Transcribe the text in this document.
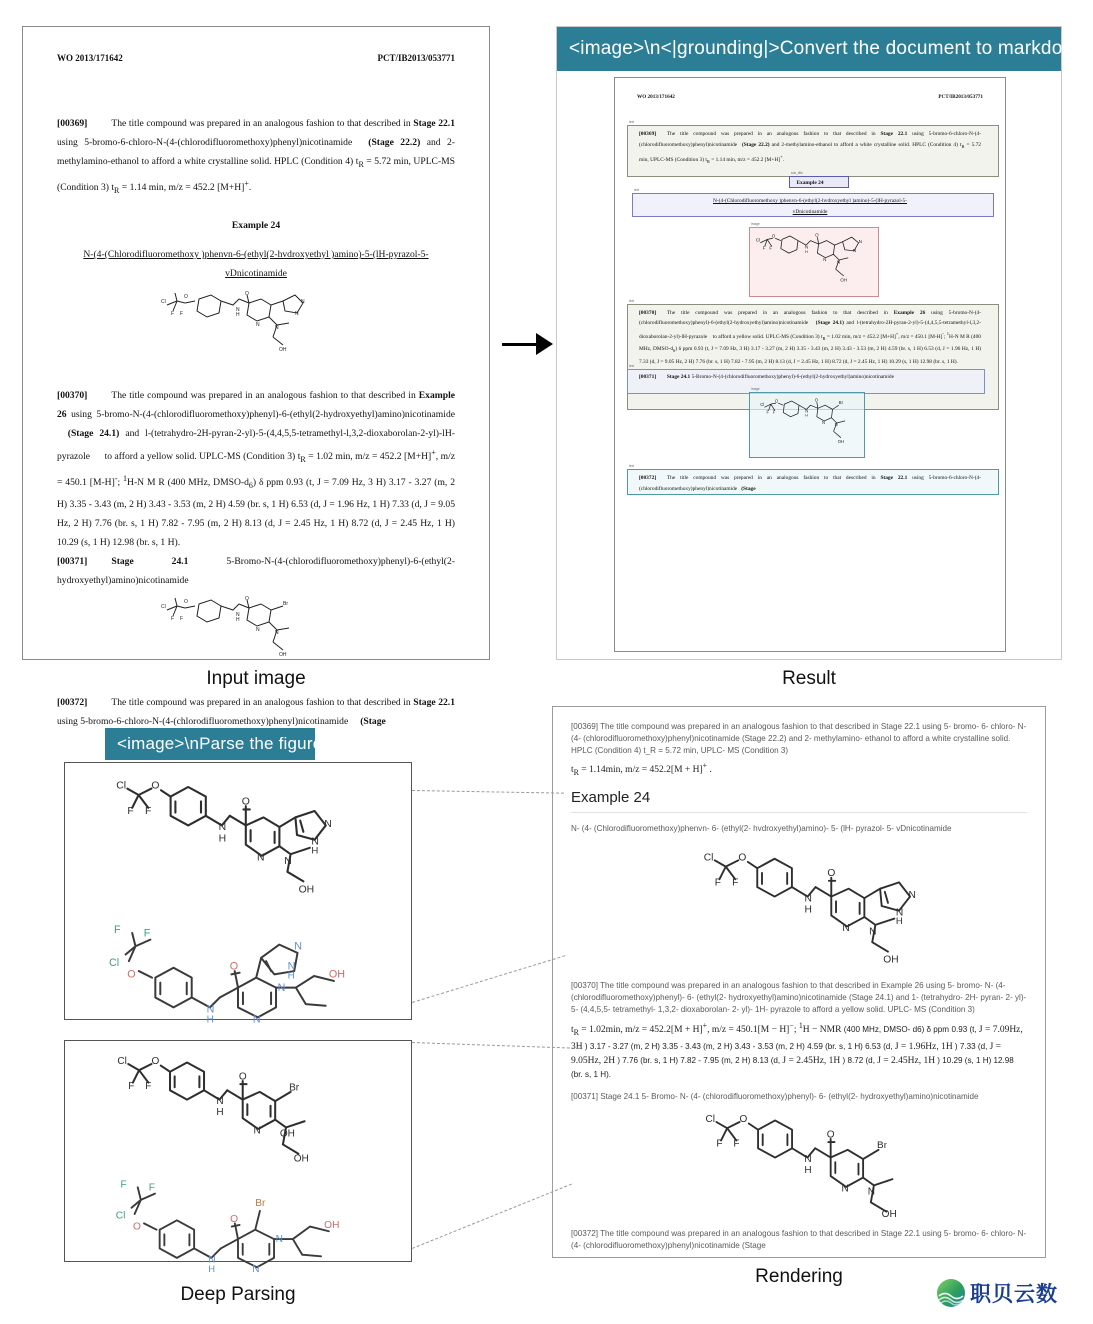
WO 2013/171642	PCT/IB2013/053771
[00369]   The title compound was prepared in an analogous fashion to that described in Stage 22.1 using 5-bromo-6-chloro-N-(4-(chlorodifluoromethoxy)phenyl)nicotinamide  (Stage 22.2) and 2-methylamino-ethanol to afford a white crystalline solid. HPLC (Condition 4) $t_R = 5.72$ min, UPLC-MS (Condition 3) $t_R = 1.14$ min, m/z = 452.2 [M+H]+.
Example 24
N-(4-(Chlorodifluoromethoxy )phenvn-6-(ethyl(2-hvdroxyethyl )amino)-5-(lH-pyrazol-5-
vDnicotinamide
Cl
F F
O
N
H
O
N
N
N
N
OH
[00370]   The title compound was prepared in an analogous fashion to that described in Example 26 using 5-bromo-N-(4-(chlorodifluoromethoxy)phenyl)-6-(ethyl(2-hydroxyethyl)amino)nicotinamide   (Stage 24.1) and l-(tetrahydro-2H-pyran-2-yl)-5-(4,4,5,5-tetramethyl-l,3,2-dioxaborolan-2-yl)-lH-pyrazole   to afford a yellow solid. UPLC-MS (Condition 3) $t_R = 1.02$ min, m/z = 452.2 [M+H]+, m/z = 450.1 [M-H]-; $^1$H-N M R (400 MHz, DMSO-$d_6$) δ ppm 0.93 (t, J = 7.09 Hz, 3 H) 3.17 - 3.27 (m, 2 H) 3.35 - 3.43 (m, 2 H) 3.43 - 3.53 (m, 2 H) 4.59 (br. s, 1 H) 6.53 (d, J = 1.96 Hz, 1 H) 7.33 (d, J = 9.05 Hz, 2 H) 7.76 (br. s, 1 H) 7.82 - 7.95 (m, 2 H) 8.13 (d, J = 2.45 Hz, 1 H) 8.72 (d, J = 2.45 Hz, 1 H) 10.29 (s, 1 H) 12.98 (br. s, 1 H).
[00371]    Stage 24.1 5-Bromo-N-(4-(chlorodifluoromethoxy)phenyl)-6-(ethyl(2-hydroxyethyl)amino)nicotinamide
Cl
F F
O
N
H
O
N
Br
N
OH
[00372]   The title compound was prepared in an analogous fashion to that described in Stage 22.1 using 5-bromo-6-chloro-N-(4-(chlorodifluoromethoxy)phenyl)nicotinamide  (Stage
Input image
<image>\n<|grounding|>Convert the document to markdown.
WO 2013/171642	PCT/IB2013/053771
text
[00369]  The title compound was prepared in an analogous fashion to that described in Stage 22.1 using 5-bromo-6-chloro-N-(4-(chlorodifluoromethoxy)phenyl)nicotinamide  (Stage 22.2) and 2-methylamino-ethanol to afford a white crystalline solid. HPLC (Condition 4) $t_R = 5.72$ min, UPLC-MS (Condition 3) $t_R = 1.14$ min, m/z = 452.2 [M+H]+.
sub_title
Example 24
text
N-(4-(Chlorodifluoromethoxy )phenvn-6-(ethyl(2-hvdroxyethyl )amino)-5-(lH-pyrazol-5-
vDnicotinamide
image
Cl
F F
O
N
H
O
N
N
N
N
OH
text
[00370]  The title compound was prepared in an analogous fashion to that described in Example 26 using 5-bromo-N-(4-(chlorodifluoromethoxy)phenyl)-6-(ethyl(2-hydroxyethyl)amino)nicotinamide   (Stage 24.1) and l-(tetrahydro-2H-pyran-2-yl)-5-(4,4,5,5-tetramethyl-l,3,2-dioxaborolan-2-yl)-lH-pyrazole   to afford a yellow solid. UPLC-MS (Condition 3) $t_R = 1.02$ min, m/z = 452.2 [M+H]+, m/z = 450.1 [M-H]-; $^1$H-N M R (400 MHz, DMSO-$d_6$) δ ppm 0.93 (t, J = 7.09 Hz, 3 H) 3.17 - 3.27 (m, 2 H) 3.35 - 3.43 (m, 2 H) 3.43 - 3.53 (m, 2 H) 4.59 (br. s, 1 H) 6.53 (d, J = 1.96 Hz, 1 H) 7.33 (d, J = 9.05 Hz, 2 H) 7.76 (br. s, 1 H) 7.82 - 7.95 (m, 2 H) 8.13 (d, J = 2.45 Hz, 1 H) 8.72 (d, J = 2.45 Hz, 1 H) 10.29 (s, 1 H) 12.98 (br. s, 1 H).
text
[00371]   Stage 24.1 5-Bromo-N-(4-(chlorodifluoromethoxy)phenyl)-6-(ethyl(2-hydroxyethyl)amino)nicotinamide
image
Cl
F F
O
N
H
O
N
Br
N
OH
text
[00372]  The title compound was prepared in an analogous fashion to that described in Stage 22.1 using 5-bromo-6-chloro-N-(4-(chlorodifluoromethoxy)phenyl)nicotinamide  (Stage
Result
<image>\nParse the figure.
Cl
F F
O
N
H
O
N
N
N
H
N
OH
F F
Cl
O
N
H
O
N
N
N
H
N
OH
Cl
F F
O
N
H
O
N
Br
OH
OH
F F
Cl
O
N
H
O
N
Br
N
OH
Deep Parsing
[00369] The title compound was prepared in an analogous fashion to that described in Stage 22.1 using 5- bromo- 6- chloro- N- (4- (chlorodifluoromethoxy)phenyl)nicotinamide (Stage 22.2) and 2- methylamino- ethanol to afford a white crystalline solid. HPLC (Condition 4) t_R = 5.72 min, UPLC- MS (Condition 3)
$t_R = 1.14\min$, m/z = 452.2[M + H]+ .
Example 24
N- (4- (Chlorodifluoromethoxy)phenvn- 6- (ethyl(2- hvdroxyethyl)amino)- 5- (lH- pyrazol- 5- vDnicotinamide
Cl
F F
O
N
H
O
N
N
N
H
N
OH
[00370] The title compound was prepared in an analogous fashion to that described in Example 26 using 5- bromo- N- (4- (chlorodifluoromethoxy)phenyl)- 6- (ethyl(2- hydroxyethyl)amino)nicotinamide (Stage 24.1) and 1- (tetrahydro- 2H- pyran- 2- yl)- 5- (4,4,5,5- tetramethyl- 1,3,2- dioxaborolan- 2- yl)- 1H- pyrazole to afford a yellow solid. UPLC- MS (Condition 3)
$t_R = 1.02\min$, m/z = 452.2[M + H]+, m/z = 450.1[M − H]−; $^1$H − NMR (400 MHz, DMSO- d6) δ ppm 0.93 (t, J = 7.09Hz, 3H ) 3.17 - 3.27 (m, 2 H) 3.35 - 3.43 (m, 2 H) 3.43 - 3.53 (m, 2 H) 4.59 (br. s, 1 H) 6.53 (d, J = 1.96Hz, 1H ) 7.33 (d, J = 9.05Hz, 2H ) 7.76 (br. s, 1 H) 7.82 - 7.95 (m, 2 H) 8.13 (d, J = 2.45Hz, 1H ) 8.72 (d, J = 2.45Hz, 1H ) 10.29 (s, 1 H) 12.98 (br. s, 1 H).
[00371] Stage 24.1 5- Bromo- N- (4- (chlorodifluoromethoxy)phenyl)- 6- (ethyl(2- hydroxyethyl)amino)nicotinamide
Cl
F F
O
N
H
O
N
Br
N
OH
[00372] The title compound was prepared in an analogous fashion to that described in Stage 22.1 using 5- bromo- 6- chloro- N- (4- (chlorodifluoromethoxy)phenyl)nicotinamide (Stage
Rendering
职贝云数
